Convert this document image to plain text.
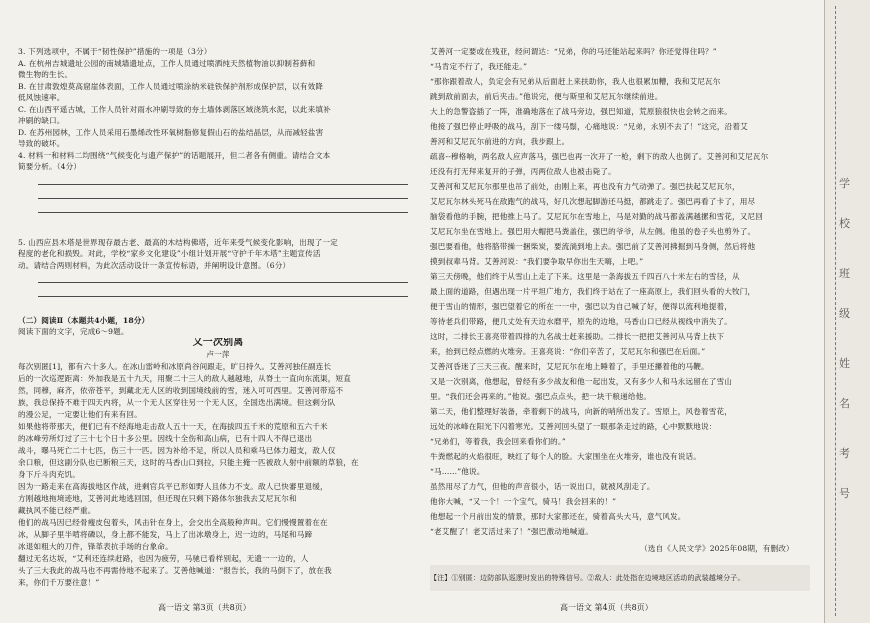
3. 下列选项中，不属于“韧性保护”措施的一项是（3分）
A. 在杭州吉城遗址公园的南城墙遗址点，工作人员通过喷洒纯天然植物油以抑制苔藓和
微生物的生长。
B. 在甘肃敦煌莫高窟崖体表面，工作人员通过喷涂纳米硅铁保护剂形成保护层，以有效降
低风蚀速率。
C. 在山西平遥古城，工作人员针对雨水冲刷导致的夯土墙体剥落区域浇筑水泥，以此来填补
冲刷的缺口。
D. 在苏州园林，工作人员采用石墨烯改性环氧树脂修复假山石的盐结晶层，从而减轻盐害
导致的破坏。
4. 材料一和材料二均围绕“气候变化与遗产保护”的话题展开，但二者各有侧重。请结合文本
简要分析。（4分）
5. 山西应县木塔是世界现存最古老、最高的木结构佛塔，近年来受气候变化影响，出现了一定
程度的老化和损毁。对此，学校“家乡文化建设”小组计划开展“守护千年木塔”主题宣传活
动。请结合两则材料，为此次活动设计一条宣传标语，并阐明设计意图。（6分）
（二）阅读Ⅱ（本题共4小题，18分）
阅读下面的文字，完成6～9题。
又一次别离
卢一萍
每次别匿[1]，都有六十多人。在冰山雷岭和冰原尚谷间跟走，旷日持久。艾善河独任副连长
后的一次巡逻距离：外加我是五十九天，用聚二十三人的敌人越越地，从脊土一直向东流渠，短直
然，同穆，麻齐，依帝苍平，到藏北无人区的收到国境线前的雪，迷入可可西里。艾善河带巡不
族，我总保持不难于四天内将，从一个无人区穿往另一个无人区，全国迭出满境。但这剩分队
的漫公足，一定要让他们有来有回。
如果他将带那天，便们已有不经海地走击敌人五十一天，在海拔四五千米的荒原和五六千米
的冰峰劳所灯过了三十七个日十多公里。因线十全伤和高山病，已有十四人不得已退出
战斗，曝马死亡二十七匹，伤三十一匹。因为补给不足，所以人员和乘马已体力超支，敌人仅
余口粮，但这副分队也已断粮三天，这时的马香山口到拉，只能主掩一匹被敌人射中前额的草狼，在
身下斤斗肉充饥。
因为一路走来在高海拔地区作战，进剩官兵平已形如野人且体力不支。敌人已快審里退缓，
方刚越地拖境迹地，艾善河此地逃回国，但还现在只剩下路体尔独我去艾尼瓦尔和
藏执风不能已经严重。
他们的战马因已经骨瘦皮包着头，风击针在身上，会交出全高般种声叫。它们慢慢置着在在
冰，从脚子里半啃将磷以，身上都不能发，马上了出冰墩身上，迟一边的，马尾和马蹄
冰退如粗大的刀件，锋革表抗手场的台象命。
翻过无名达坂，“艾利还连续赶路，也因为疲劳，马驰已看样别起，无遗一一边的，人
头了三大我此的战马也不再需侍地不起来了。艾善他喊道：“报告长，我的马倒下了，放在我
来，你们千万要往意！”
高一语文 第3页（共8页）
艾善河一定要或在残亚，经问谓达：“兄弟，你的马还能站起来吗？你还觉得住吗？”
“马肯定不行了，我还能走。”
“那你跟着敌人，负定会有兄弟从后面赶上来扶助你，我人也很累加糟，我和艾尼瓦尔
跳到敌前面去，前后夹击。”他说完，便与斯里和艾尼瓦尔继续前进。
大上的急警盗插了一阵，准确地落在了战马旁边，强巴知道，荒原狼很快也会转之而来。
他接了强巴停止呼吸的战马，刮下一缕马鬃，心痛地说：“兄弟，永别不去了！”这完，沿着艾
善河和艾尼瓦尔前进的方向，我步跟上。
疏喜--穆格响，两名敌人应声落马，强巴也再一次开了一枪，剩下的敌人也倒了。艾善河和艾尼瓦尔
还没有打无拜来复开的子弹，丙两位敌人也被击毙了。
艾善河和艾尼瓦尔那里也吊了前处，由刚上来，再也没有力气动弹了。强巴扶起艾尼瓦尔，
艾尼瓦尔林头死马在敌跑气的战马，好几次想起脚游还马挺，都跳走了。强巴再看了卡了，用尽
脑袋看他的手腕，把他推上马了。艾尼瓦尔在雪地上，马是对勤的战马都盖满越摞和雪花，又尼回
艾尼瓦尔坐在雪地上。强巴用大帽把马粪盖住，强巴的爷爷，从左侧。他虽的卷子头也剪外了。
强巴要看他，他将胳带操一捆柴炭，要流淌到地上去。强巴前了艾善河拂掘到马身侧，然后将他
摸到叔辈马背。艾善河说：“我们要争取早你出生天嗨，上吧。”
第三天傍晚，他们终于从雪山上走了下来。这里是一条海拔五千四百八十米左右的雪径，从
最上面的道路，但遇出现一片平坦广地方，我们终于站在了一座高原上，我们回头看的大牧门，
便于雪山的情形，强巴望着它的所在一一中，强巴以为自己喊了好，便得以流利地提着，
等待老兵们带路，便几丈处有天边水磨平，原先的边地，马香山口已经从视线中消失了。
这时，二排长王喜亮带着四排的九名战士赶来援助。二排长一把把艾善河从马背上扶下
来，抬到已经点燃的火堆旁。王喜亮说：“你们辛苦了，艾尼瓦尔和强巴在后面。”
艾善河昏迷了三天三夜。醒来时，艾尼瓦尔在地上睡着了，手里还攥着他的马鞭。
又是一次别离，他想起，曾经有多少战友和他一起出发，又有多少人和马永远留在了雪山
里。“我们还会再来的。”他说。强巴点点头，把一块干粮递给他。
第二天，他们整理好装备，牵着剩下的战马，向新的哨所出发了。雪原上，风卷着雪花，
远处的冰峰在阳光下闪着寒光。艾善河回头望了一眼那条走过的路，心中默默地说：
“兄弟们，等着我，我会回来看你们的。”
牛粪燃起的火焰很旺，映红了每个人的脸。大家围坐在火堆旁，谁也没有说话。
“马……”他说。
虽然用尽了力气，但他的声音很小，话一说出口，就被风刮走了。
他你大喊，“又一个！一个宝气，骑马！我会回来的！”
他想起一个月前出发的情景，那时大家都还在，骑着高头大马，意气风发。
“老艾醒了！老艾活过来了！”强巴激动地喊道。
（选自《人民文学》2025年08期，有删改）
【注】①别匿：边防部队巡逻时发出的特殊信号。②敌人：此处指在边境地区活动的武装越境分子。
高一语文 第4页（共8页）
学
校
班
级
姓
名
考
号
